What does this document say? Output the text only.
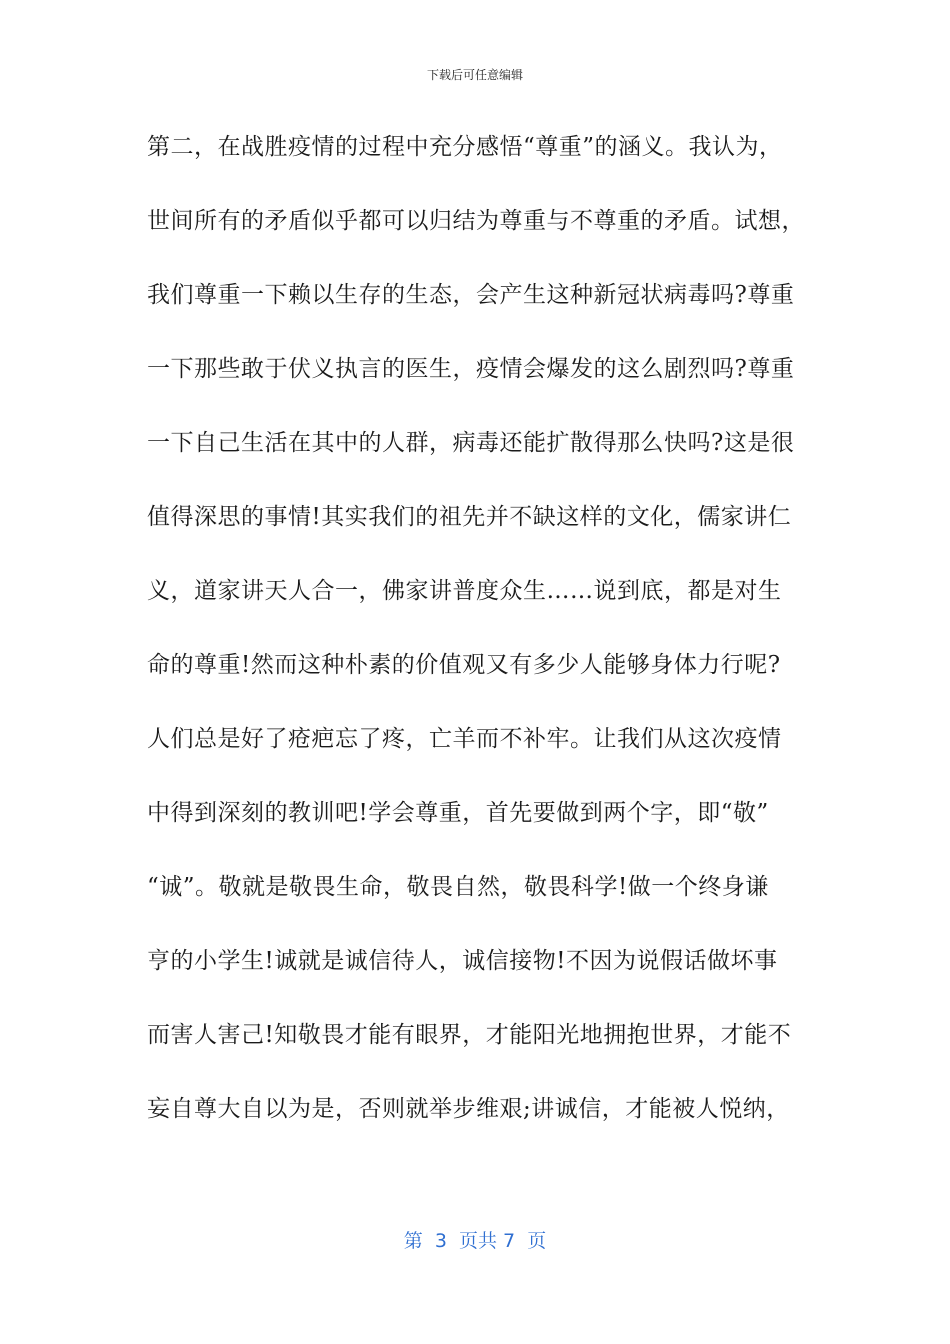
下载后可任意编辑
第二，在战胜疫情的过程中充分感悟“尊重”的涵义。我认为，
世间所有的矛盾似乎都可以归结为尊重与不尊重的矛盾。试想，
我们尊重一下赖以生存的生态，会产生这种新冠状病毒吗?尊重
一下那些敢于伏义执言的医生，疫情会爆发的这么剧烈吗?尊重
一下自己生活在其中的人群，病毒还能扩散得那么快吗?这是很
值得深思的事情!其实我们的祖先并不缺这样的文化，儒家讲仁
义，道家讲天人合一，佛家讲普度众生……说到底，都是对生
命的尊重!然而这种朴素的价值观又有多少人能够身体力行呢?
人们总是好了疮疤忘了疼，亡羊而不补牢。让我们从这次疫情
中得到深刻的教训吧!学会尊重，首先要做到两个字，即“敬”
“诚”。敬就是敬畏生命，敬畏自然，敬畏科学!做一个终身谦
亨的小学生!诚就是诚信待人，诚信接物!不因为说假话做坏事
而害人害己!知敬畏才能有眼界，才能阳光地拥抱世界，才能不
妄自尊大自以为是，否则就举步维艰;讲诚信，才能被人悦纳，
第  3  页共 7  页
